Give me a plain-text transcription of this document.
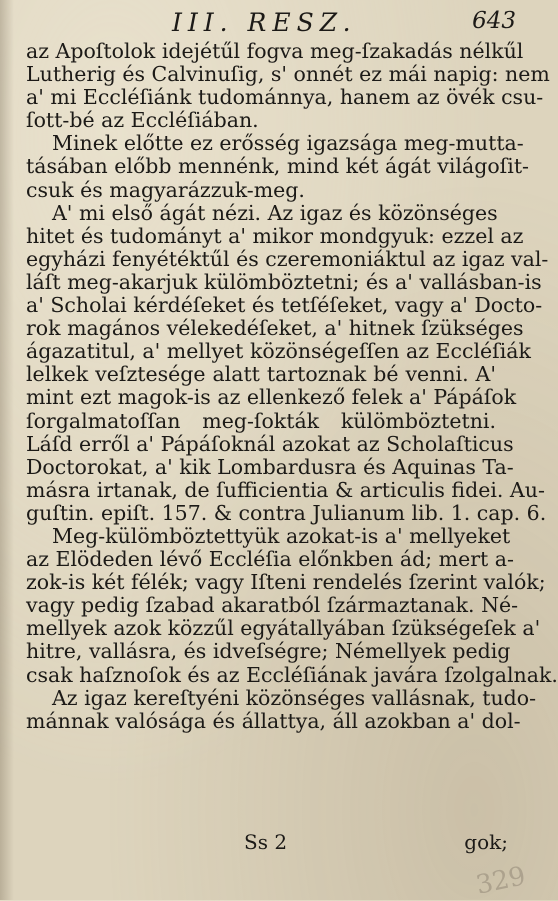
III. RESZ.	643
az Apoſtolok idejétűl fogva meg-ſzakadás nélkűl
Lutherig és Calvinuſig, s' onnét ez mái napig: nem
a' mi Eccléſiánk tudománnya, hanem az övék csu-
ſott-bé az Eccléſiában.
Minek előtte ez erősség igazsága meg-mutta-
tásában előbb mennénk, mind két ágát világoſit-
csuk és magyarázzuk-meg.
A' mi első ágát nézi. Az igaz és közönséges
hitet és tudományt a' mikor mondgyuk: ezzel az
egyházi fenyétéktűl és czeremoniáktul az igaz val-
láſt meg-akarjuk külömböztetni; és a' vallásban-is
a' Scholai kérdéſeket és tetſéſeket, vagy a' Docto-
rok magános vélekedéſeket, a' hitnek ſzükséges
ágazatitul, a' mellyet közönségeſſen az Eccléſiák
lelkek veſztesége alatt tartoznak bé venni. A'
mint ezt magok-is az ellenkező felek a' Pápáſok
ſorgalmatoſſan meg-ſokták külömböztetni.
Láſd erről a' Pápáſoknál azokat az Scholaſticus
Doctorokat, a' kik Lombardusra és Aquinas Ta-
másra irtanak, de ſufficientia & articulis fidei. Au-
guſtin. epiſt. 157. & contra Julianum lib. 1. cap. 6.
Meg-külömböztettyük azokat-is a' mellyeket
az Elödeden lévő Eccléſia előnkben ád; mert a-
zok-is két félék; vagy Iſteni rendelés ſzerint valók;
vagy pedig ſzabad akaratból ſzármaztanak. Né-
mellyek azok közzűl egyátallyában ſzükségeſek a'
hitre, vallásra, és idveſségre; Némellyek pedig
csak haſznoſok és az Eccléſiának javára ſzolgalnak.
Az igaz kereſtyéni közönséges vallásnak, tudo-
mánnak valósága és állattya, áll azokban a' dol-
Ss 2	gok;
329
